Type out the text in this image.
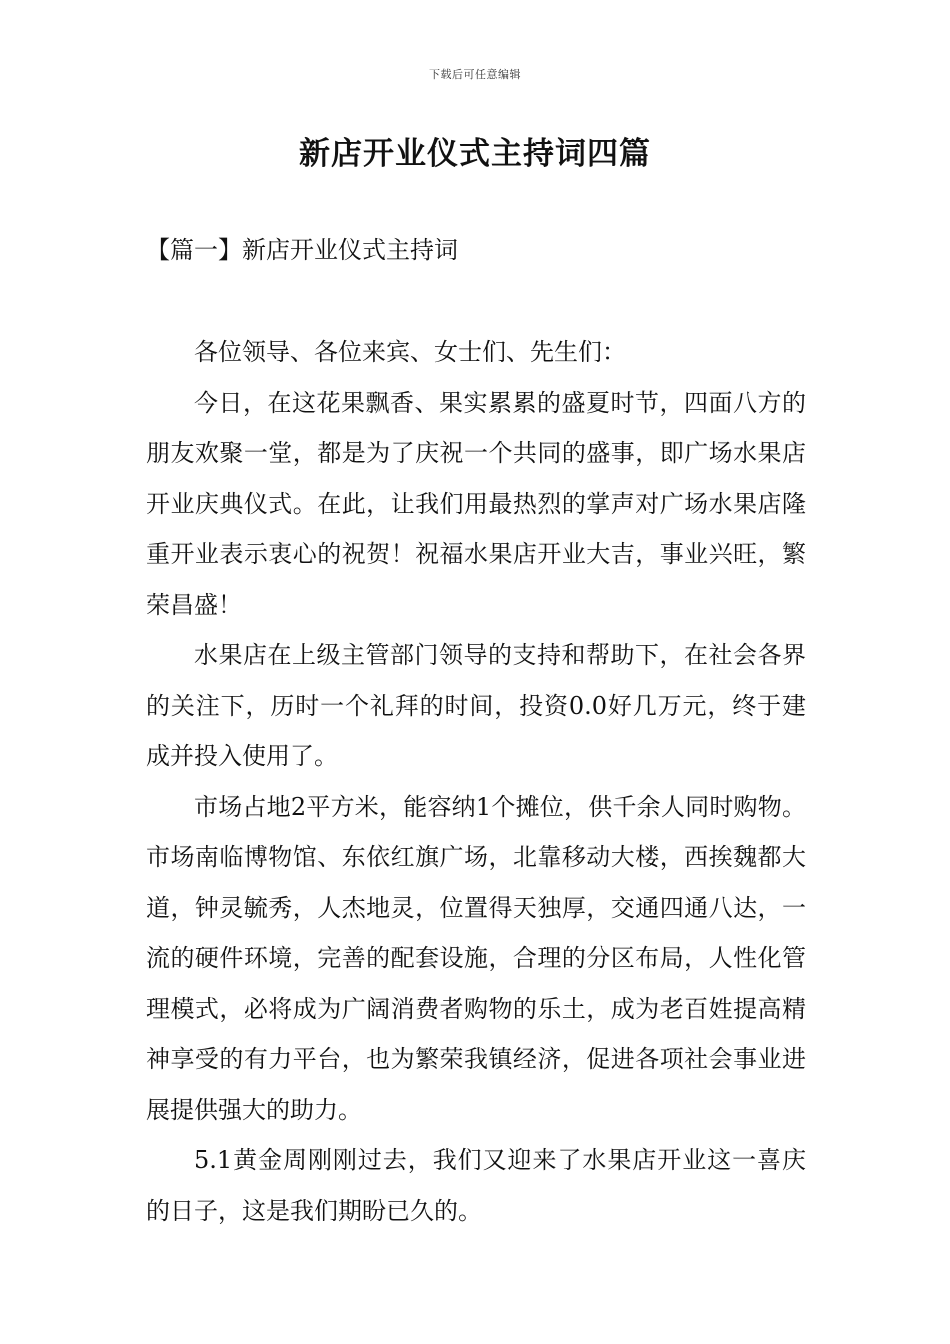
下载后可任意编辑
新店开业仪式主持词四篇
【篇一】新店开业仪式主持词

各位领导、各位来宾、女士们、先生们：

今日，在这花果飘香、果实累累的盛夏时节，四面八方的朋友欢聚一堂，都是为了庆祝一个共同的盛事，即广场水果店开业庆典仪式。在此，让我们用最热烈的掌声对广场水果店隆重开业表示衷心的祝贺！祝福水果店开业大吉，事业兴旺，繁荣昌盛！

水果店在上级主管部门领导的支持和帮助下，在社会各界的关注下，历时一个礼拜的时间，投资0.0好几万元，终于建成并投入使用了。

市场占地2平方米，能容纳1个摊位，供千余人同时购物。市场南临博物馆、东依红旗广场，北靠移动大楼，西挨魏都大道，钟灵毓秀，人杰地灵，位置得天独厚，交通四通八达，一流的硬件环境，完善的配套设施，合理的分区布局，人性化管理模式，必将成为广阔消费者购物的乐土，成为老百姓提高精神享受的有力平台，也为繁荣我镇经济，促进各项社会事业进展提供强大的助力。

5.1黄金周刚刚过去，我们又迎来了水果店开业这一喜庆的日子，这是我们期盼已久的。
